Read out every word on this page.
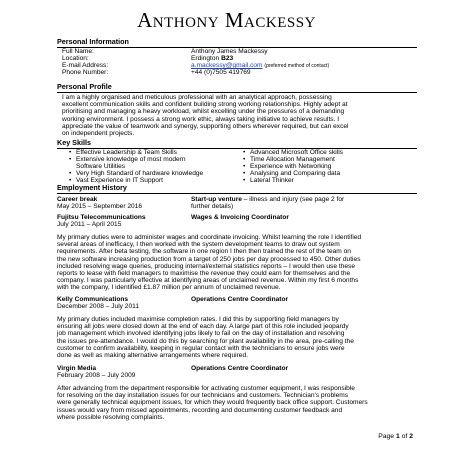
Anthony Mackessy
Personal Information
Full Name:
Location:
E-mail Address:
Phone Number:
Anthony James Mackessy
Erdington B23
a.mackessy@gmail.com (preferred method of contact)
+44 (0)7505 419769
Personal Profile
I am a highly organised and meticulous professional with an analytical approach, possessing
excellent communication skills and confident building strong working relationships. Highly adept at
prioritising and managing a heavy workload, whilst excelling under the pressures of a demanding
working environment. I possess a strong work ethic, always taking initiative to achieve results. I
appreciate the value of teamwork and synergy, supporting others wherever required, but can excel
on independent projects.
Key Skills
• Effective Leadership & Team Skills
• Extensive knowledge of most modern
Software Utilities
• Very High Standard of hardware knowledge
• Vast Experience in IT Support
• Advanced Microsoft Office skills
• Time Allocation Management
• Experience with Networking
• Analysing and Comparing data
• Lateral Thinker
Employment History
Career break
May 2015 – September 2016
Start-up venture – illness and injury (see page 2 for
further details)
Fujitsu Telecommunications
July 2011 – April 2015
Wages & Invoicing Coordinator
My primary duties were to administer wages and coordinate invoicing. Whilst learning the role I identified
several areas of inefficacy, I then worked with the system development teams to draw out system
requirements. After beta testing, the software in one region I then then trained the rest of the team on
the new software increasing production from a target of 250 jobs per day processed to 450. Other duties
included resolving wage queries, producing internal/external statistics reports – I would then use these
reports to lease with field managers to maximise the revenue they could earn for themselves and the
company. I was particularly effective at identifying areas of unclaimed revenue. Within my first 6 months
with the company, I identified £1.87 million per annum of unclaimed revenue.
Kelly Communications
December 2008 – July 2011
Operations Centre Coordinator
My primary duties included maximise completion rates. I did this by supporting field managers by
ensuring all jobs were closed down at the end of each day. A large part of this role included jeopardy
job management which involved identifying jobs likely to fail on the day of installation and resolving
the issues pre-attendance. I would do this by searching for plant availability in the area, pre-calling the
customer to confirm availability, keeping in regular contact with the technicians to ensure jobs were
done as well as making alternative arrangements where required.
Virgin Media
February 2008 – July 2009
Operations Centre Coordinator
After advancing from the department responsible for activating customer equipment, I was responsible
for resolving on the day installation issues for our technicians and customers. Technician's problems
were generally technical equipment issues, for which they would frequently back office support. Customers
issues would vary from missed appointments, recording and documenting customer feedback and
where possible resolving complaints.
Page 1 of 2
